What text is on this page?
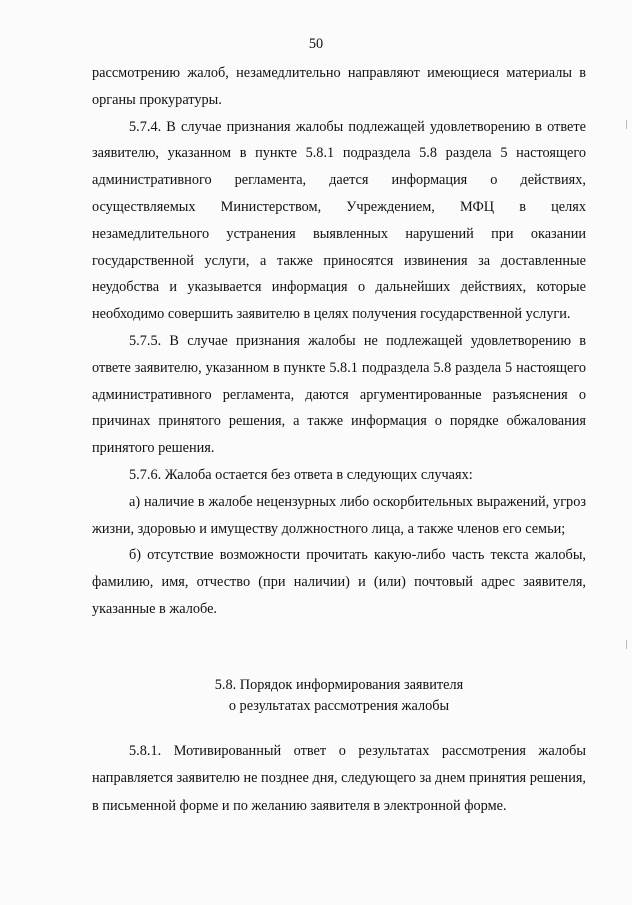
50

рассмотрению жалоб, незамедлительно направляют имеющиеся материалы в органы прокуратуры.

5.7.4. В случае признания жалобы подлежащей удовлетворению в ответе заявителю, указанном в пункте 5.8.1 подраздела 5.8 раздела 5 настоящего административного регламента, дается информация о действиях, осуществляемых Министерством, Учреждением, МФЦ в целях незамедлительного устранения выявленных нарушений при оказании государственной услуги, а также приносятся извинения за доставленные неудобства и указывается информация о дальнейших действиях, которые необходимо совершить заявителю в целях получения государственной услуги.

5.7.5. В случае признания жалобы не подлежащей удовлетворению в ответе заявителю, указанном в пункте 5.8.1 подраздела 5.8 раздела 5 настоящего административного регламента, даются аргументированные разъяснения о причинах принятого решения, а также информация о порядке обжалования принятого решения.

5.7.6. Жалоба остается без ответа в следующих случаях:

а) наличие в жалобе нецензурных либо оскорбительных выражений, угроз жизни, здоровью и имуществу должностного лица, а также членов его семьи;

б) отсутствие возможности прочитать какую-либо часть текста жалобы, фамилию, имя, отчество (при наличии) и (или) почтовый адрес заявителя, указанные в жалобе.

5.8. Порядок информирования заявителя
о результатах рассмотрения жалобы

5.8.1. Мотивированный ответ о результатах рассмотрения жалобы направляется заявителю не позднее дня, следующего за днем принятия решения, в письменной форме и по желанию заявителя в электронной форме.
